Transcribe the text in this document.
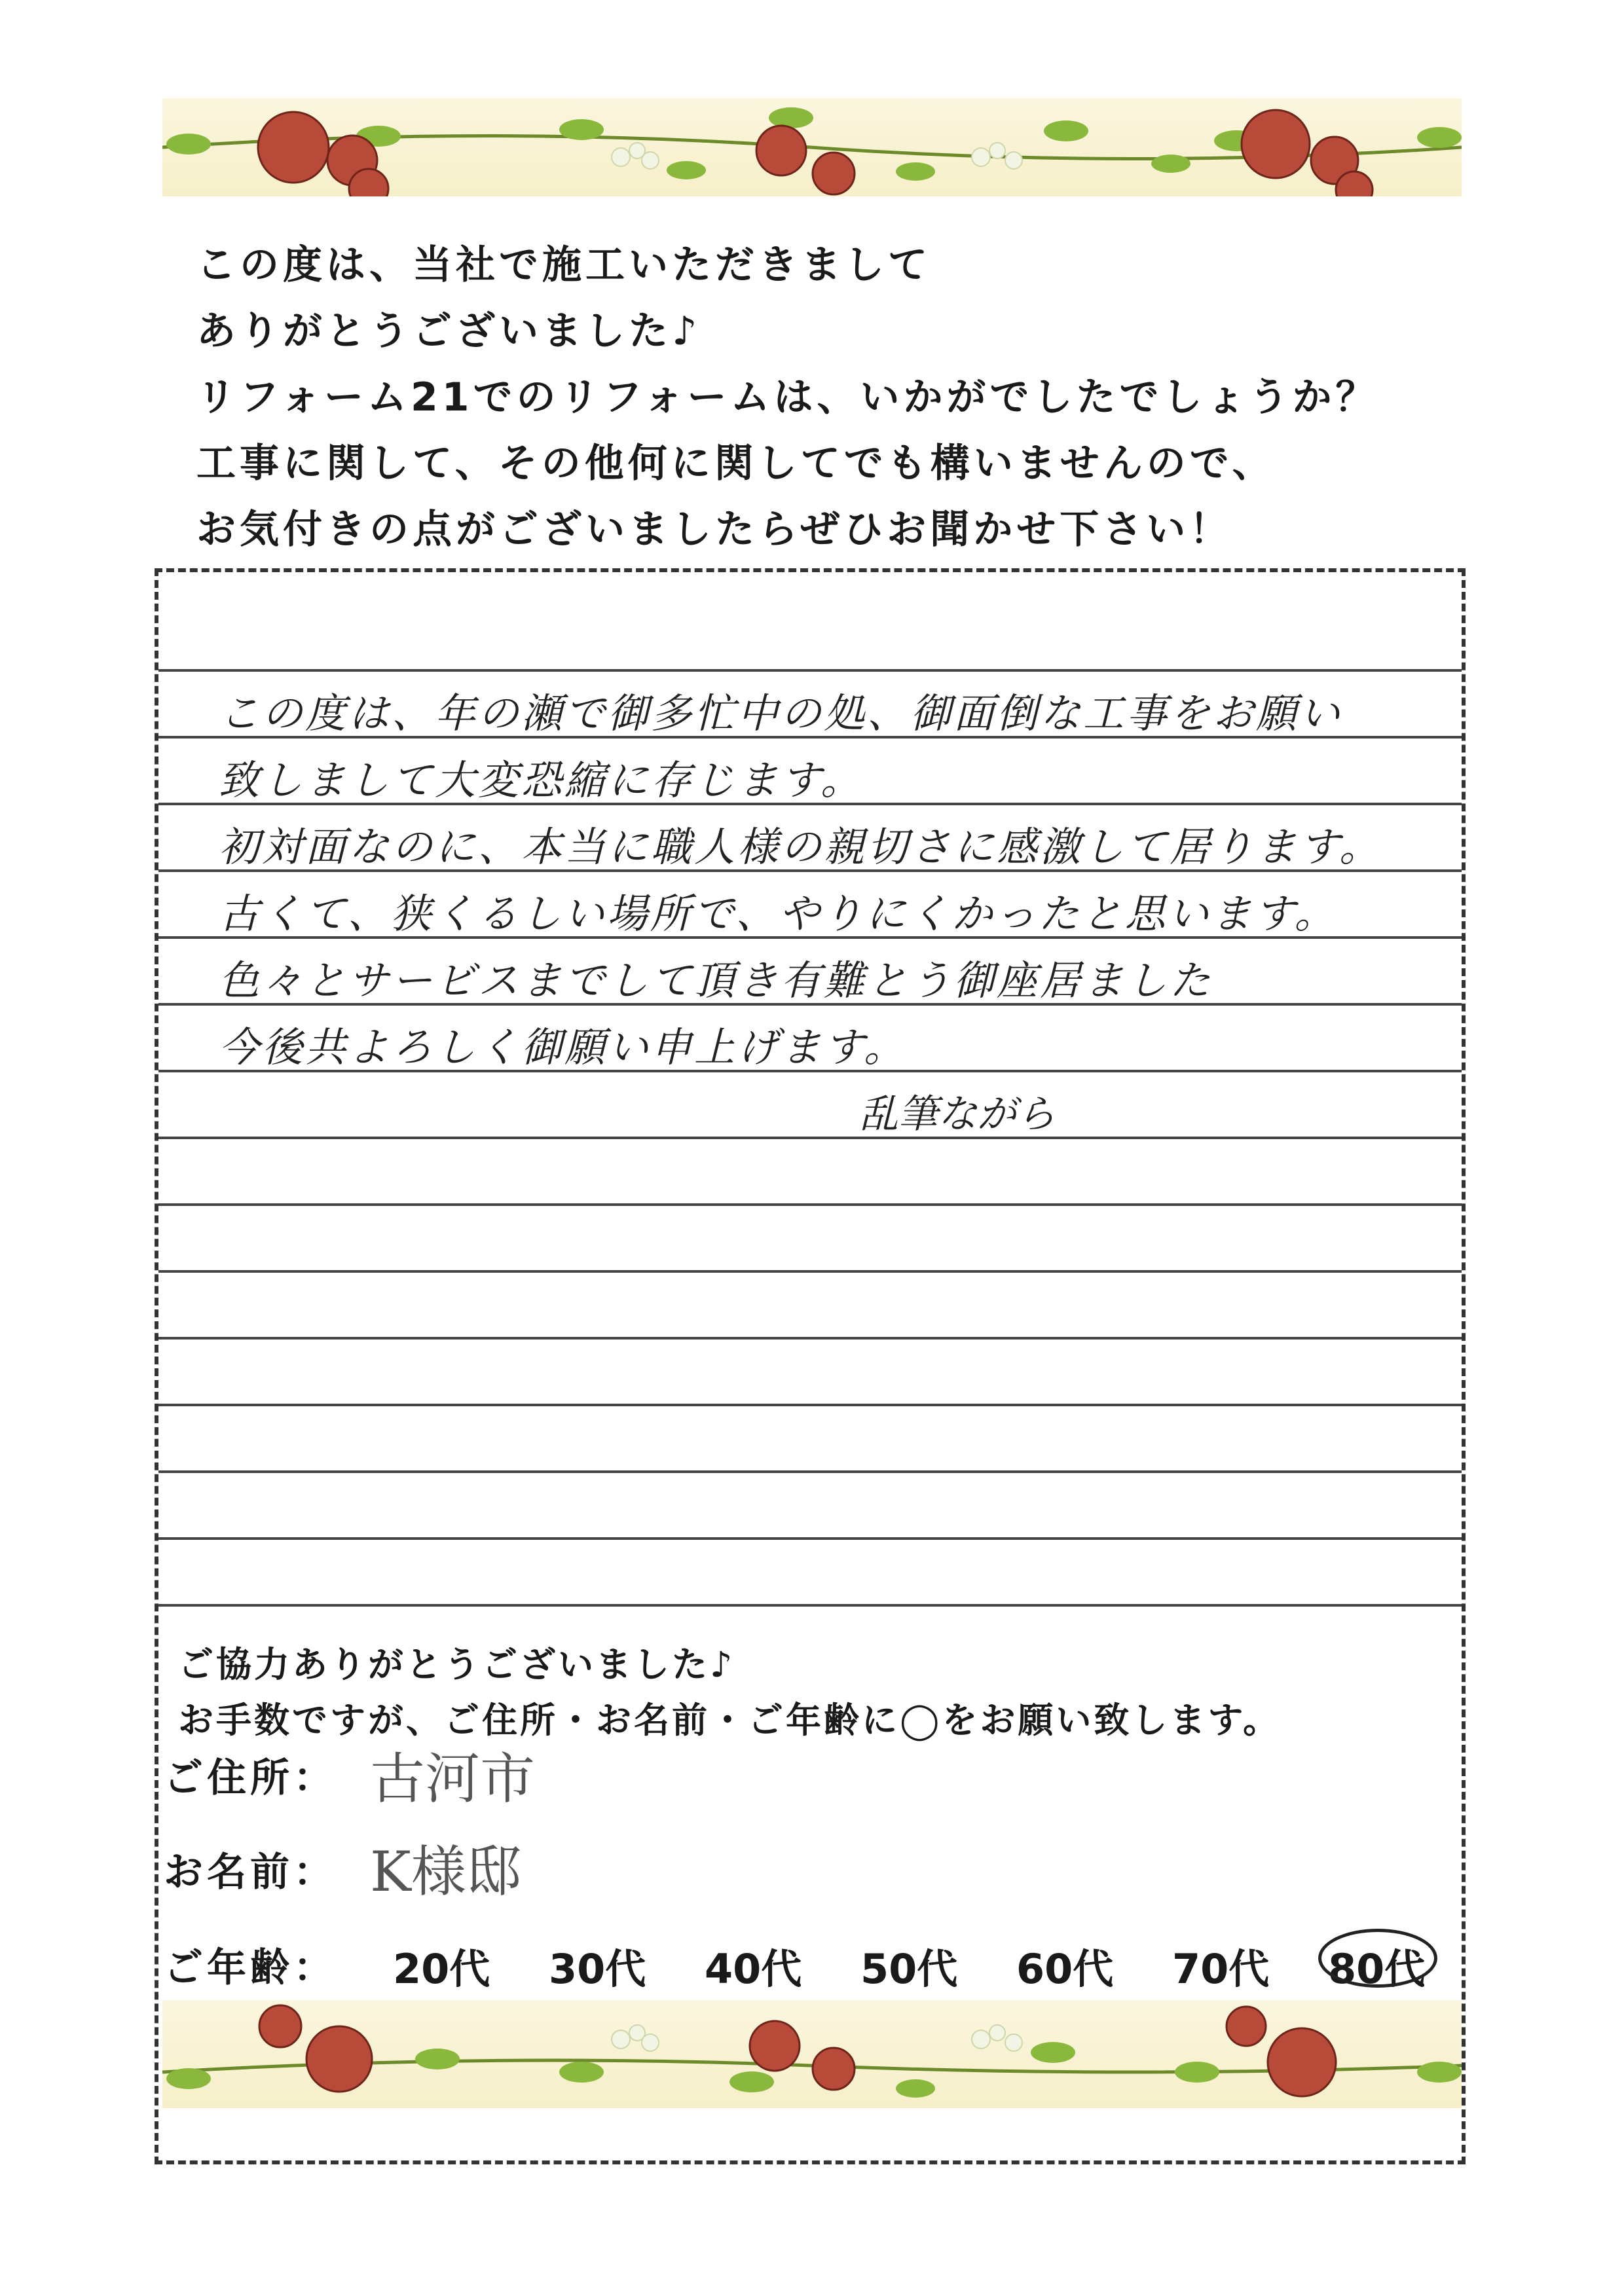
この度は、当社で施工いただきまして
ありがとうございました♪
リフォーム21でのリフォームは、いかがでしたでしょうか？
工事に関して、その他何に関してでも構いませんので、
お気付きの点がございましたらぜひお聞かせ下さい！
この度は、年の瀬で御多忙中の処、御面倒な工事をお願い
致しまして大変恐縮に存じます。
初対面なのに、本当に職人様の親切さに感激して居ります。
古くて、狭くるしい場所で、やりにくかったと思います。
色々とサービスまでして頂き有難とう御座居ました
今後共よろしく御願い申上げます。
乱筆ながら
ご協力ありがとうございました♪
お手数ですが、ご住所・お名前・ご年齢に◯をお願い致します。
ご住所： 古河市
お名前： K様邸
ご年齢： 20代 30代 40代 50代 60代 70代 80代
